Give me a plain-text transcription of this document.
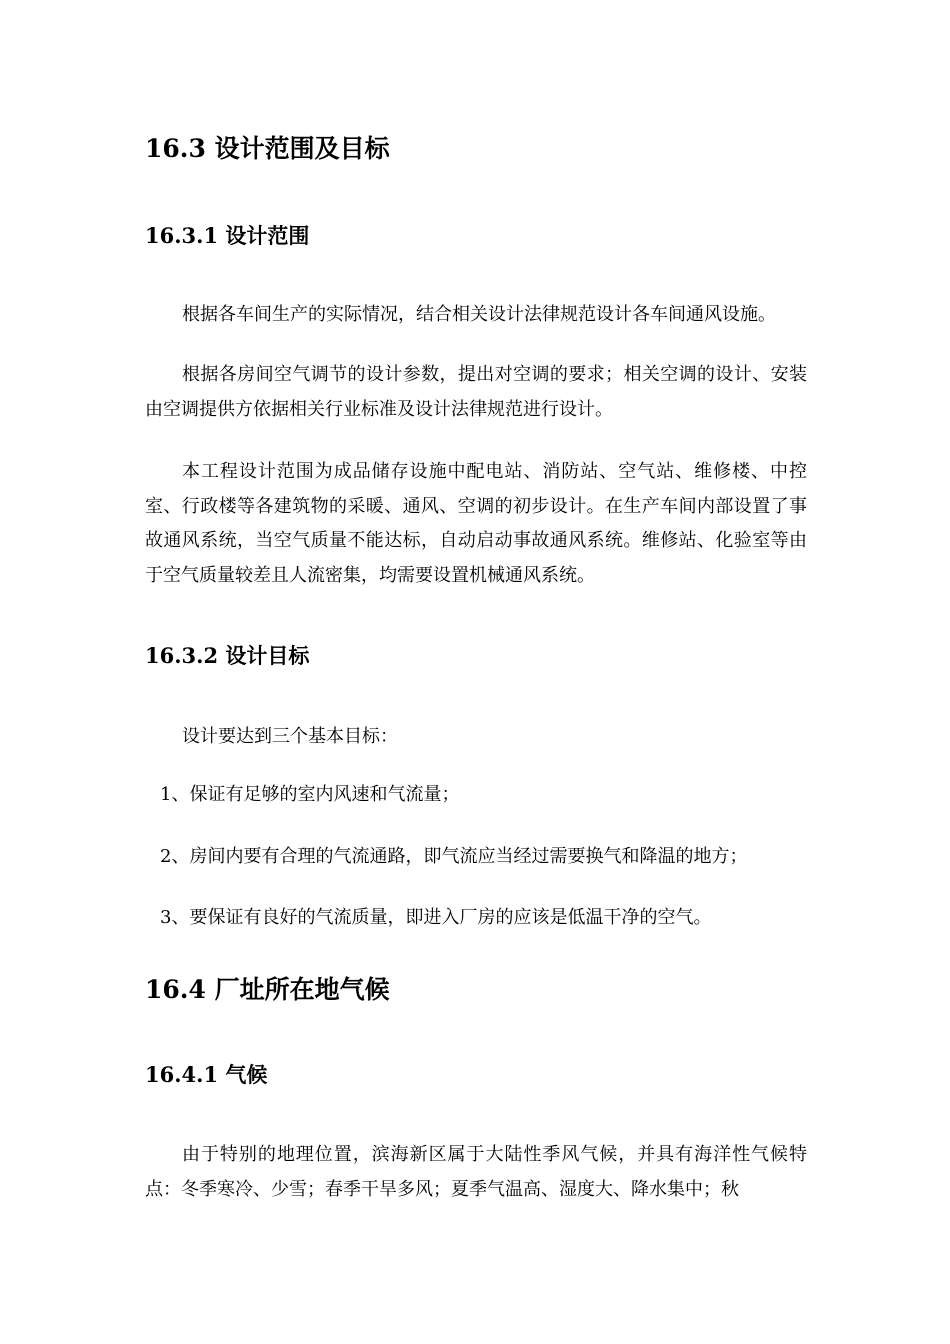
16.3 设计范围及目标
16.3.1 设计范围
根据各车间生产的实际情况，结合相关设计法律规范设计各车间通风设施。
根据各房间空气调节的设计参数，提出对空调的要求；相关空调的设计、安装由空调提供方依据相关行业标准及设计法律规范进行设计。
本工程设计范围为成品储存设施中配电站、消防站、空气站、维修楼、中控室、行政楼等各建筑物的采暖、通风、空调的初步设计。在生产车间内部设置了事故通风系统，当空气质量不能达标，自动启动事故通风系统。维修站、化验室等由于空气质量较差且人流密集，均需要设置机械通风系统。
16.3.2 设计目标
设计要达到三个基本目标：
1、保证有足够的室内风速和气流量；
2、房间内要有合理的气流通路，即气流应当经过需要换气和降温的地方；
3、要保证有良好的气流质量，即进入厂房的应该是低温干净的空气。
16.4 厂址所在地气候
16.4.1 气候
由于特别的地理位置，滨海新区属于大陆性季风气候，并具有海洋性气候特点：冬季寒冷、少雪；春季干旱多风；夏季气温高、湿度大、降水集中；秋
